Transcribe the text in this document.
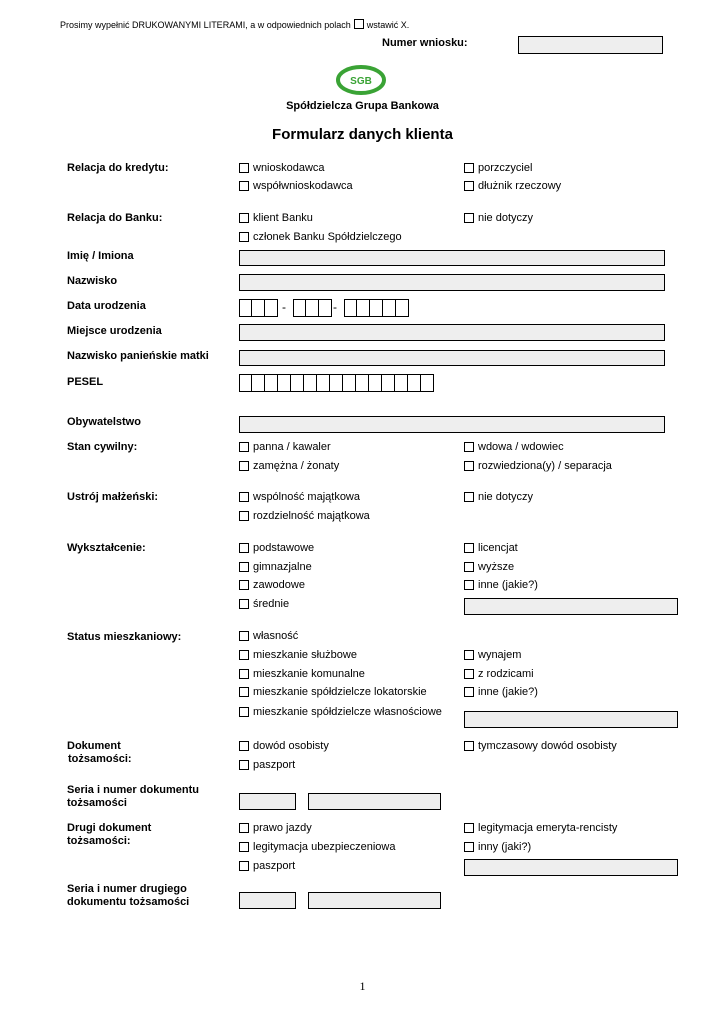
Prosimy wypełnić DRUKOWANYMI LITERAMI, a w odpowiednich polach wstawić X.
Numer wniosku:
SGB
Spółdzielcza Grupa Bankowa
Formularz danych klienta
Relacja do kredytu:	wnioskodawca	porzczyciel
współwnioskodawca	dłużnik rzeczowy
Relacja do Banku:	klient Banku	nie dotyczy
członek Banku Spółdzielczego
Imię / Imiona
Nazwisko
Data urodzenia	-	-
Miejsce urodzenia
Nazwisko panieńskie matki
PESEL
Obywatelstwo
Stan cywilny:	panna / kawaler	wdowa / wdowiec
zamężna / żonaty	rozwiedziona(y) / separacja
Ustrój małżeński:	wspólność majątkowa	nie dotyczy
rozdzielność majątkowa
Wykształcenie:	podstawowe	licencjat
gimnazjalne	wyższe
zawodowe	inne (jakie?)
średnie
Status mieszkaniowy:	własność
mieszkanie służbowe	wynajem
mieszkanie komunalne	z rodzicami
mieszkanie spółdzielcze lokatorskie	inne (jakie?)
mieszkanie spółdzielcze własnościowe
Dokument
tożsamości:
dowód osobisty	tymczasowy dowód osobisty
paszport
Seria i numer dokumentu
tożsamości
Drugi dokument
tożsamości:
prawo jazdy	legitymacja emeryta-rencisty
legitymacja ubezpieczeniowa	inny (jaki?)
paszport
Seria i numer drugiego
dokumentu tożsamości
1
